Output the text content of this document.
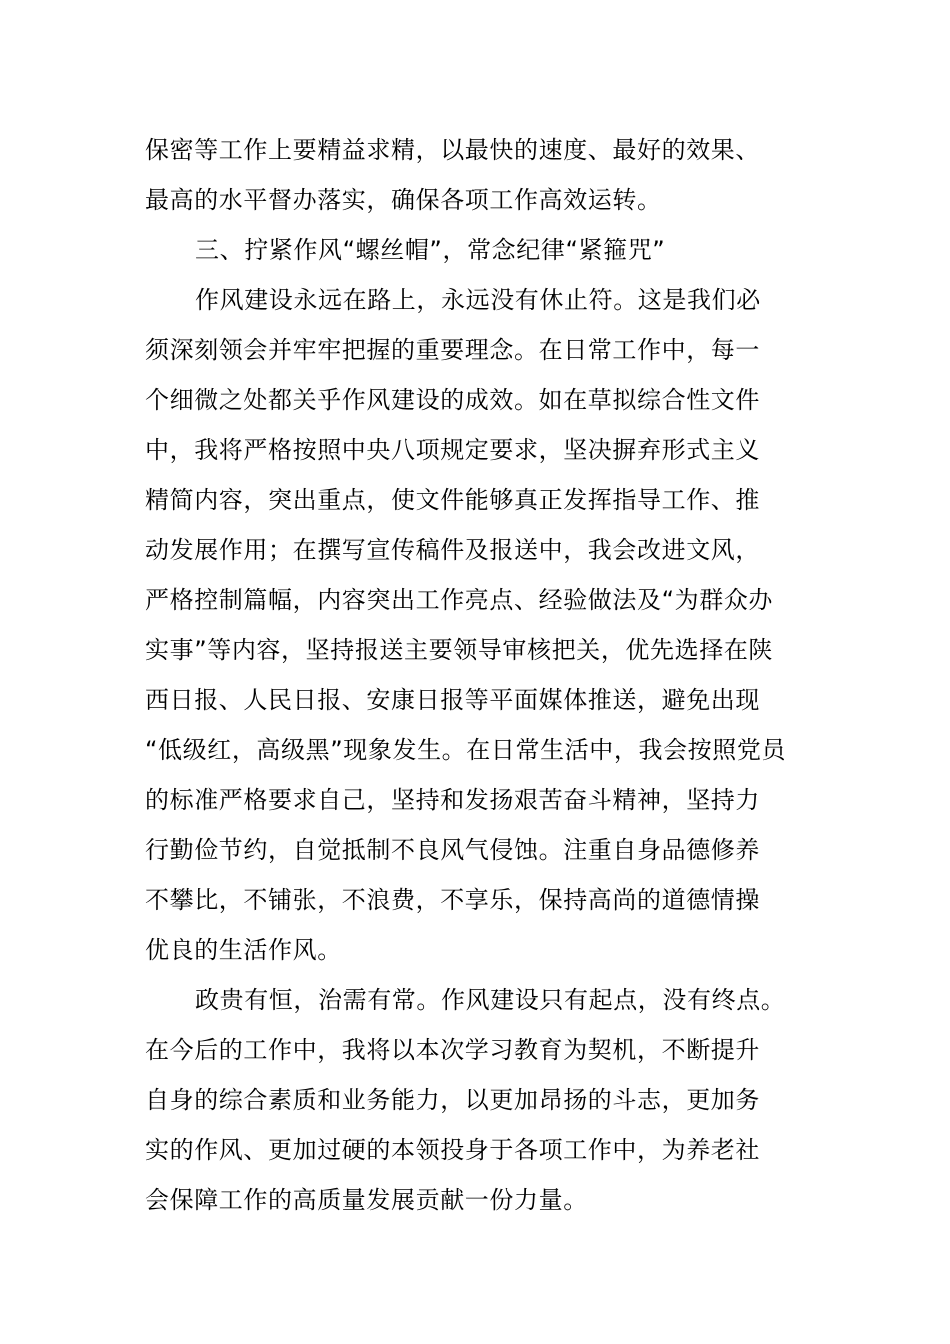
保密等工作上要精益求精，以最快的速度、最好的效果、
最高的水平督办落实，确保各项工作高效运转。
三、拧紧作风“螺丝帽”，常念纪律“紧箍咒”
作风建设永远在路上，永远没有休止符。这是我们必
须深刻领会并牢牢把握的重要理念。在日常工作中，每一
个细微之处都关乎作风建设的成效。如在草拟综合性文件
中，我将严格按照中央八项规定要求，坚决摒弃形式主义
精简内容，突出重点，使文件能够真正发挥指导工作、推
动发展作用；在撰写宣传稿件及报送中，我会改进文风，
严格控制篇幅，内容突出工作亮点、经验做法及“为群众办
实事”等内容，坚持报送主要领导审核把关，优先选择在陕
西日报、人民日报、安康日报等平面媒体推送，避免出现
“低级红，高级黑”现象发生。在日常生活中，我会按照党员
的标准严格要求自己，坚持和发扬艰苦奋斗精神，坚持力
行勤俭节约，自觉抵制不良风气侵蚀。注重自身品德修养
不攀比，不铺张，不浪费，不享乐，保持高尚的道德情操
优良的生活作风。
政贵有恒，治需有常。作风建设只有起点，没有终点。
在今后的工作中，我将以本次学习教育为契机，不断提升
自身的综合素质和业务能力，以更加昂扬的斗志，更加务
实的作风、更加过硬的本领投身于各项工作中，为养老社
会保障工作的高质量发展贡献一份力量。
